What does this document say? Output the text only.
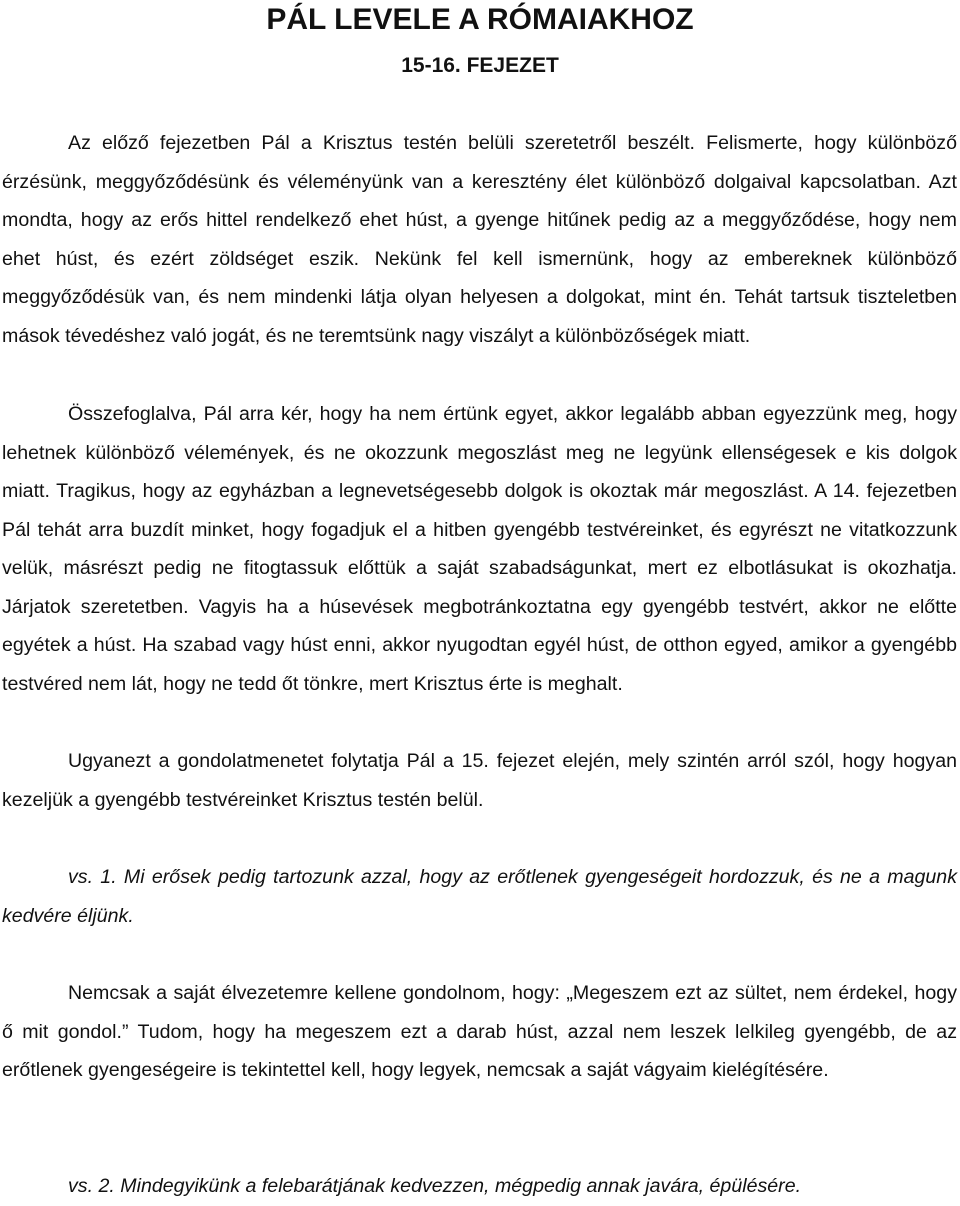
PÁL LEVELE A RÓMAIAKHOZ
15-16. FEJEZET

Az előző fejezetben Pál a Krisztus testén belüli szeretetről beszélt. Felismerte, hogy különböző érzésünk, meggyőződésünk és véleményünk van a keresztény élet különböző dolgaival kapcsolatban. Azt mondta, hogy az erős hittel rendelkező ehet húst, a gyenge hitűnek pedig az a meggyőződése, hogy nem ehet húst, és ezért zöldséget eszik. Nekünk fel kell ismernünk, hogy az embereknek különböző meggyőződésük van, és nem mindenki látja olyan helyesen a dolgokat, mint én. Tehát tartsuk tiszteletben mások tévedéshez való jogát, és ne teremtsünk nagy viszályt a különbözőségek miatt.

Összefoglalva, Pál arra kér, hogy ha nem értünk egyet, akkor legalább abban egyezzünk meg, hogy lehetnek különböző vélemények, és ne okozzunk megoszlást meg ne legyünk ellenségesek e kis dolgok miatt. Tragikus, hogy az egyházban a legnevetségesebb dolgok is okoztak már megoszlást. A 14. fejezetben Pál tehát arra buzdít minket, hogy fogadjuk el a hitben gyengébb testvéreinket, és egyrészt ne vitatkozzunk velük, másrészt pedig ne fitogtassuk előttük a saját szabadságunkat, mert ez elbotlásukat is okozhatja. Járjatok szeretetben. Vagyis ha a húsevések megbotránkoztatna egy gyengébb testvért, akkor ne előtte egyétek a húst. Ha szabad vagy húst enni, akkor nyugodtan egyél húst, de otthon egyed, amikor a gyengébb testvéred nem lát, hogy ne tedd őt tönkre, mert Krisztus érte is meghalt.

Ugyanezt a gondolatmenetet folytatja Pál a 15. fejezet elején, mely szintén arról szól, hogy hogyan kezeljük a gyengébb testvéreinket Krisztus testén belül.

vs. 1. Mi erősek pedig tartozunk azzal, hogy az erőtlenek gyengeségeit hordozzuk, és ne a magunk kedvére éljünk.

Nemcsak a saját élvezetemre kellene gondolnom, hogy: „Megeszem ezt az sültet, nem érdekel, hogy ő mit gondol.” Tudom, hogy ha megeszem ezt a darab húst, azzal nem leszek lelkileg gyengébb, de az erőtlenek gyengeségeire is tekintettel kell, hogy legyek, nemcsak a saját vágyaim kielégítésére.

vs. 2. Mindegyikünk a felebarátjának kedvezzen, mégpedig annak javára, épülésére.
